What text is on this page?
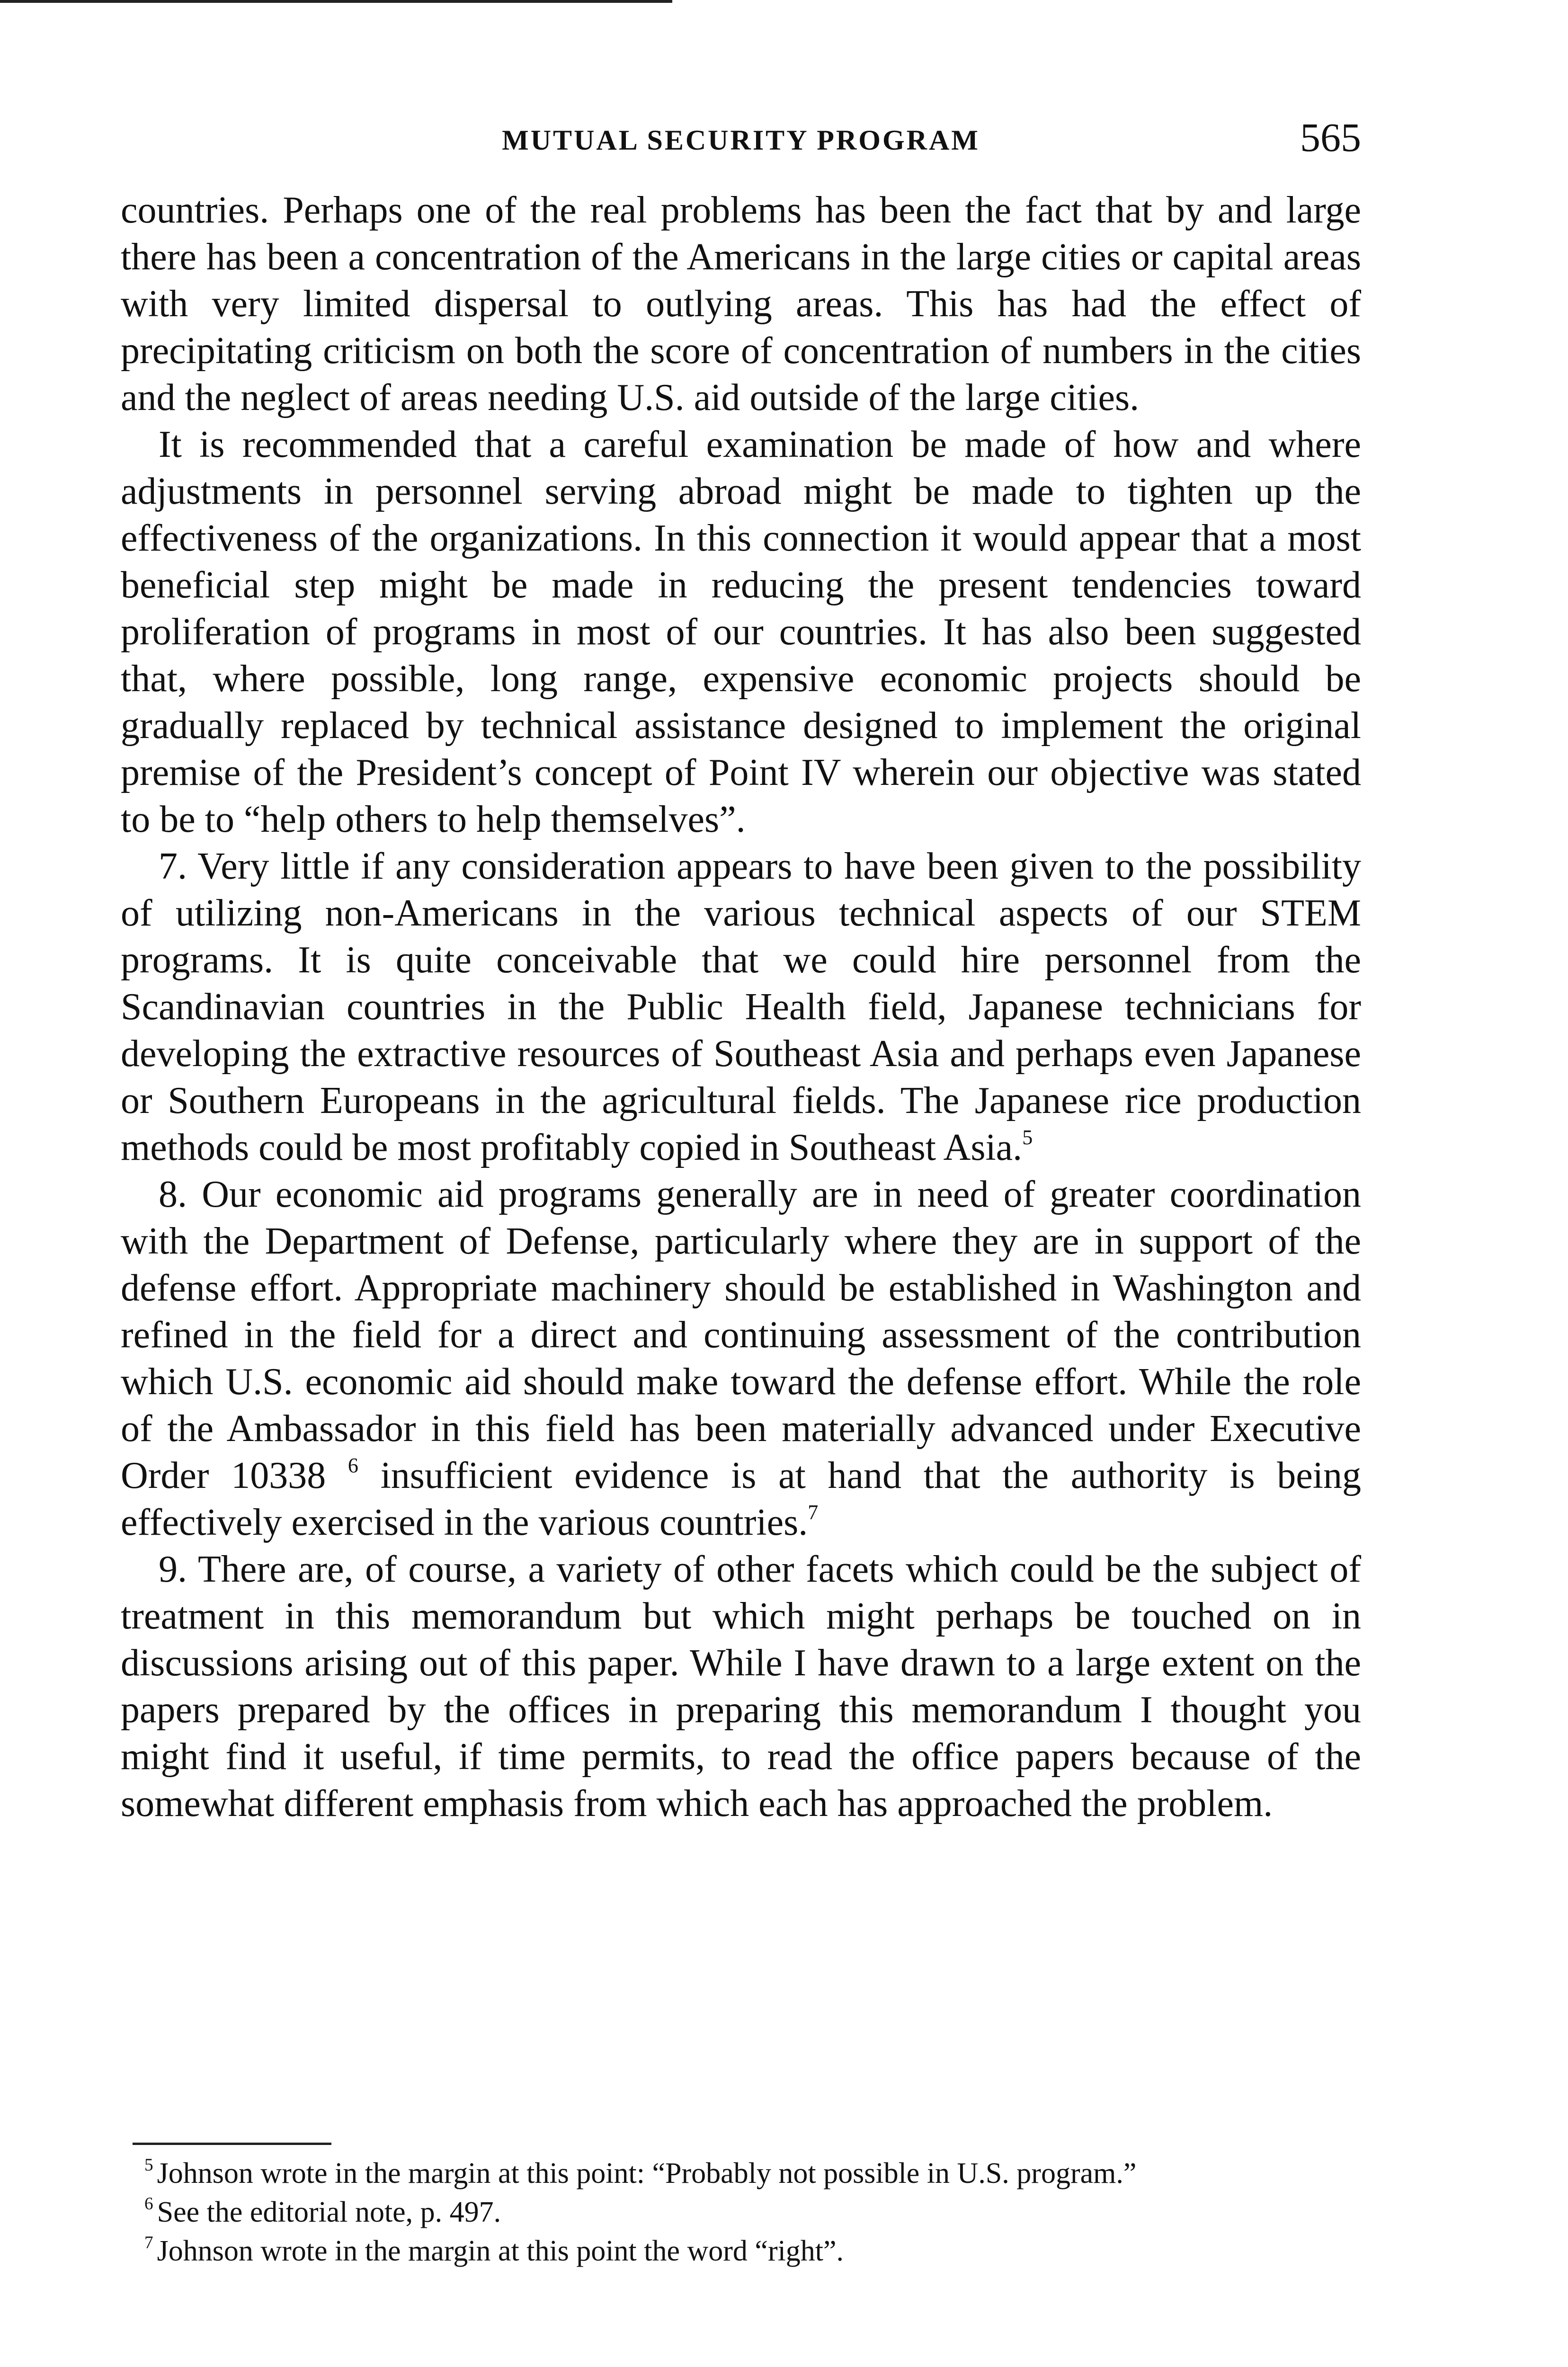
MUTUAL SECURITY PROGRAM	565

countries. Perhaps one of the real problems has been the fact that by and large there has been a concentration of the Americans in the large cities or capital areas with very limited dispersal to outlying areas. This has had the effect of precipitating criticism on both the score of concentration of numbers in the cities and the neglect of areas needing U.S. aid outside of the large cities.

It is recommended that a careful examination be made of how and where adjustments in personnel serving abroad might be made to tighten up the effectiveness of the organizations. In this connection it would appear that a most beneficial step might be made in reducing the present tendencies toward proliferation of programs in most of our countries. It has also been suggested that, where possible, long range, expensive economic projects should be gradually replaced by technical assistance designed to implement the original premise of the President’s concept of Point IV wherein our objective was stated to be to “help others to help themselves”.

7. Very little if any consideration appears to have been given to the possibility of utilizing non-Americans in the various technical aspects of our STEM programs. It is quite conceivable that we could hire personnel from the Scandinavian countries in the Public Health field, Japanese technicians for developing the extractive resources of Southeast Asia and perhaps even Japanese or Southern Europeans in the agricultural fields. The Japanese rice production methods could be most profitably copied in Southeast Asia.$^5$

8. Our economic aid programs generally are in need of greater coordination with the Department of Defense, particularly where they are in support of the defense effort. Appropriate machinery should be established in Washington and refined in the field for a direct and continuing assessment of the contribution which U.S. economic aid should make toward the defense effort. While the role of the Ambassador in this field has been materially advanced under Executive Order 10338 $^6$ insufficient evidence is at hand that the authority is being effectively exercised in the various countries.$^7$

9. There are, of course, a variety of other facets which could be the subject of treatment in this memorandum but which might perhaps be touched on in discussions arising out of this paper. While I have drawn to a large extent on the papers prepared by the offices in preparing this memorandum I thought you might find it useful, if time permits, to read the office papers because of the somewhat different emphasis from which each has approached the problem.

$^5$ Johnson wrote in the margin at this point: “Probably not possible in U.S. program.”

$^6$ See the editorial note, p. 497.

$^7$ Johnson wrote in the margin at this point the word “right”.
